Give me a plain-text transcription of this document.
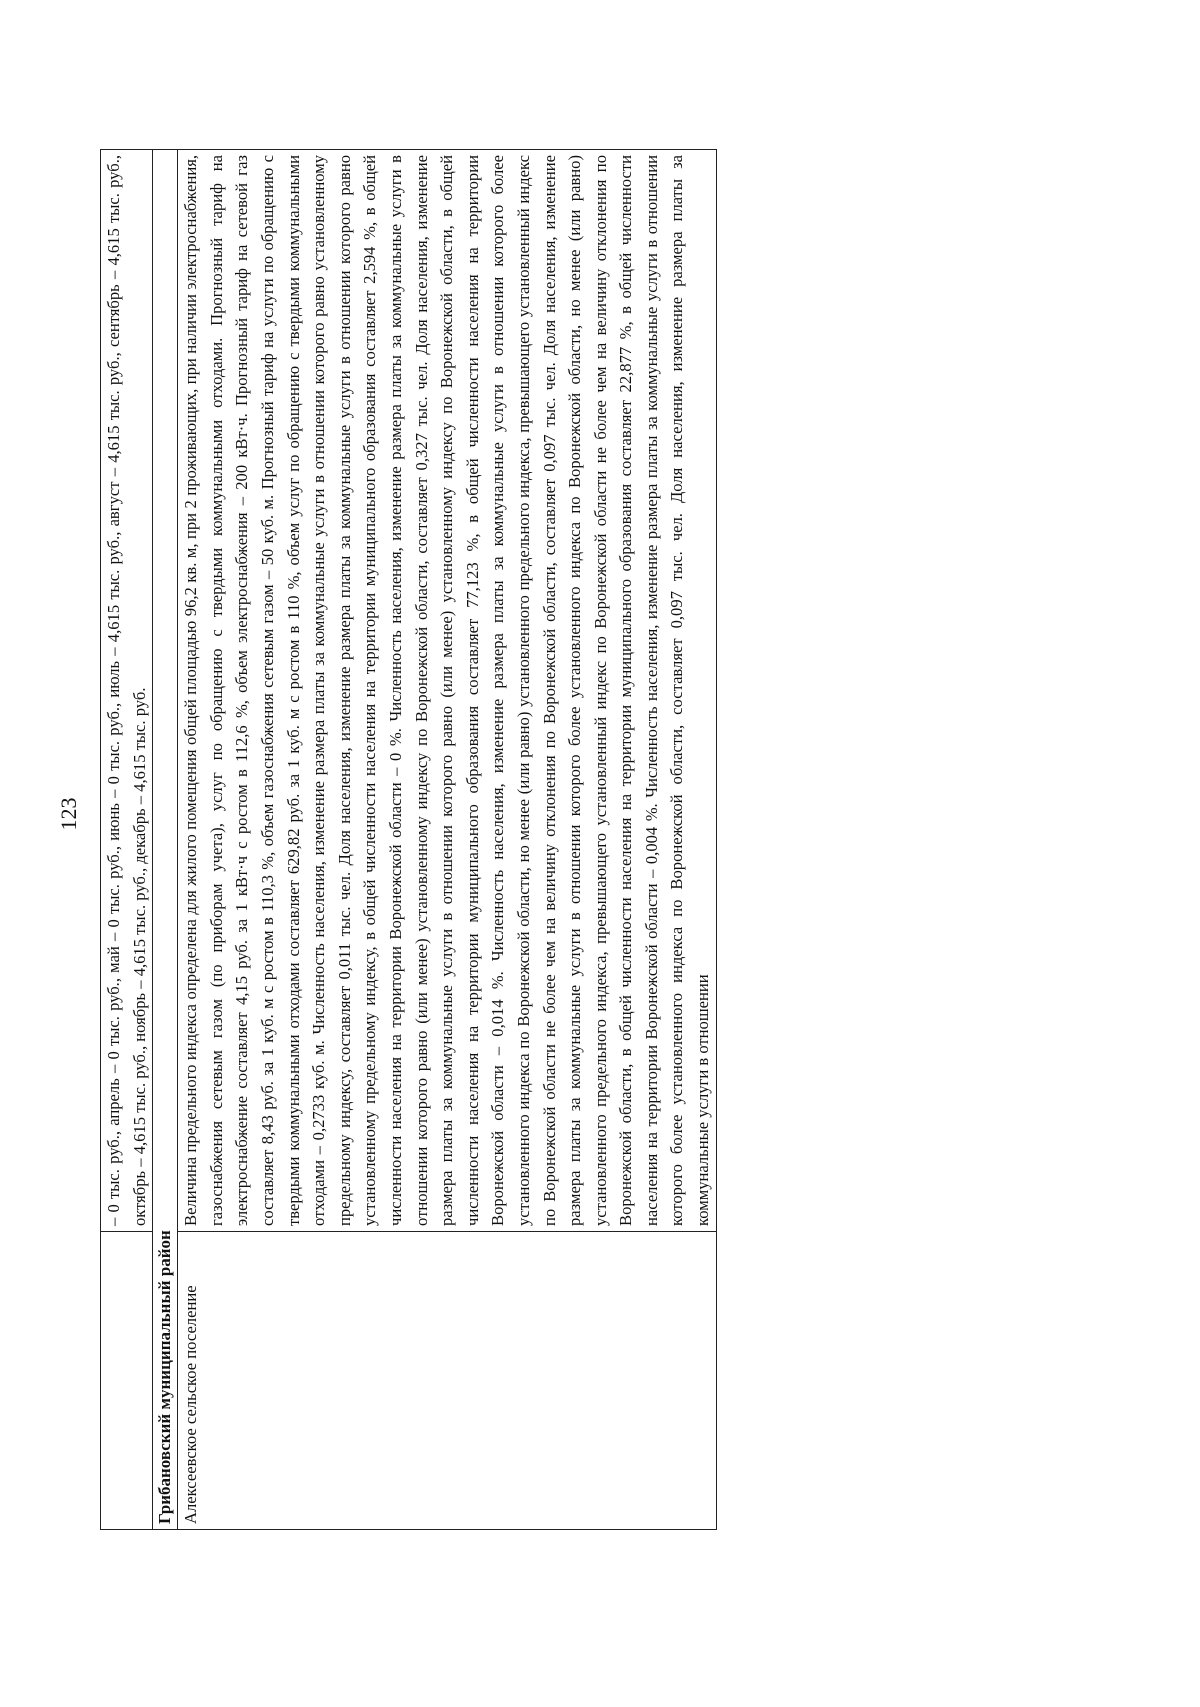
123
		– 0 тыс. руб., апрель – 0 тыс. руб., май – 0 тыс. руб., июнь – 0 тыс. руб., июль – 4,615 тыс. руб., август – 4,615 тыс. руб., сентябрь – 4,615 тыс. руб., октябрь – 4,615 тыс. руб., ноябрь – 4,615 тыс. руб., декабрь – 4,615 тыс. руб.
Грибановский муниципальный район	
Алексеевское сельское поселение	Величина предельного индекса определена для жилого помещения общей площадью 96,2 кв. м, при 2 проживающих, при наличии электроснабжения, газоснабжения сетевым газом (по приборам учета), услуг по обращению с твердыми коммунальными отходами. Прогнозный тариф на электроснабжение составляет 4,15 руб. за 1 кВт·ч с ростом в 112,6 %, объем электроснабжения – 200 кВт·ч. Прогнозный тариф на сетевой газ составляет 8,43 руб. за 1 куб. м с ростом в 110,3 %, объем газоснабжения сетевым газом – 50 куб. м. Прогнозный тариф на услуги по обращению с твердыми коммунальными отходами составляет 629,82 руб. за 1 куб. м с ростом в 110 %, объем услуг по обращению с твердыми коммунальными отходами – 0,2733 куб. м. Численность населения, изменение размера платы за коммунальные услуги в отношении которого равно установленному предельному индексу, составляет 0,011 тыс. чел. Доля населения, изменение размера платы за коммунальные услуги в отношении которого равно установленному предельному индексу, в общей численности населения на территории муниципального образования составляет 2,594 %, в общей численности населения на территории Воронежской области – 0 %. Численность населения, изменение размера платы за коммунальные услуги в отношении которого равно (или менее) установленному индексу по Воронежской области, составляет 0,327 тыс. чел. Доля населения, изменение размера платы за коммунальные услуги в отношении которого равно (или менее) установленному индексу по Воронежской области, в общей численности населения на территории муниципального образования составляет 77,123 %, в общей численности населения на территории Воронежской области – 0,014 %. Численность населения, изменение размера платы за коммунальные услуги в отношении которого более установленного индекса по Воронежской области, но менее (или равно) установленного предельного индекса, превышающего установленный индекс по Воронежской области не более чем на величину отклонения по Воронежской области, составляет 0,097 тыс. чел. Доля населения, изменение размера платы за коммунальные услуги в отношении которого более установленного индекса по Воронежской области, но менее (или равно) установленного предельного индекса, превышающего установленный индекс по Воронежской области не более чем на величину отклонения по Воронежской области, в общей численности населения на территории муниципального образования составляет 22,877 %, в общей численности населения на территории Воронежской области – 0,004 %. Численность населения, изменение размера платы за коммунальные услуги в отношении которого более установленного индекса по Воронежской области, составляет 0,097 тыс. чел. Доля населения, изменение размера платы за коммунальные услуги в отношении
